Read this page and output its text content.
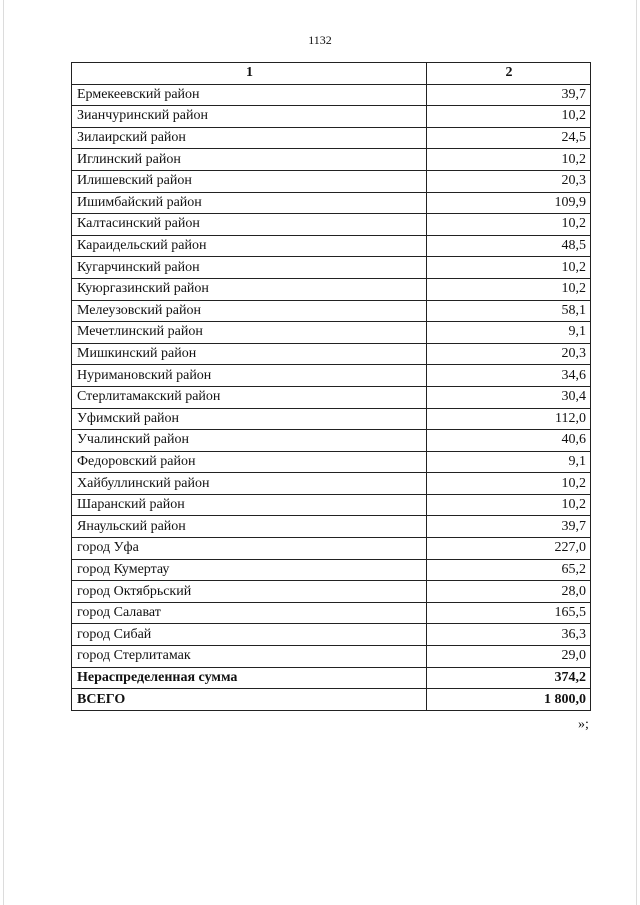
1132
1	2
Ермекеевский район	39,7
Зианчуринский район	10,2
Зилаирский район	24,5
Иглинский район	10,2
Илишевский район	20,3
Ишимбайский район	109,9
Калтасинский район	10,2
Караидельский район	48,5
Кугарчинский район	10,2
Куюргазинский район	10,2
Мелеузовский район	58,1
Мечетлинский район	9,1
Мишкинский район	20,3
Нуримановский район	34,6
Стерлитамакский район	30,4
Уфимский район	112,0
Учалинский район	40,6
Федоровский район	9,1
Хайбуллинский район	10,2
Шаранский район	10,2
Янаульский район	39,7
город Уфа	227,0
город Кумертау	65,2
город Октябрьский	28,0
город Салават	165,5
город Сибай	36,3
город Стерлитамак	29,0
Нераспределенная сумма	374,2
ВСЕГО	1 800,0
»;
